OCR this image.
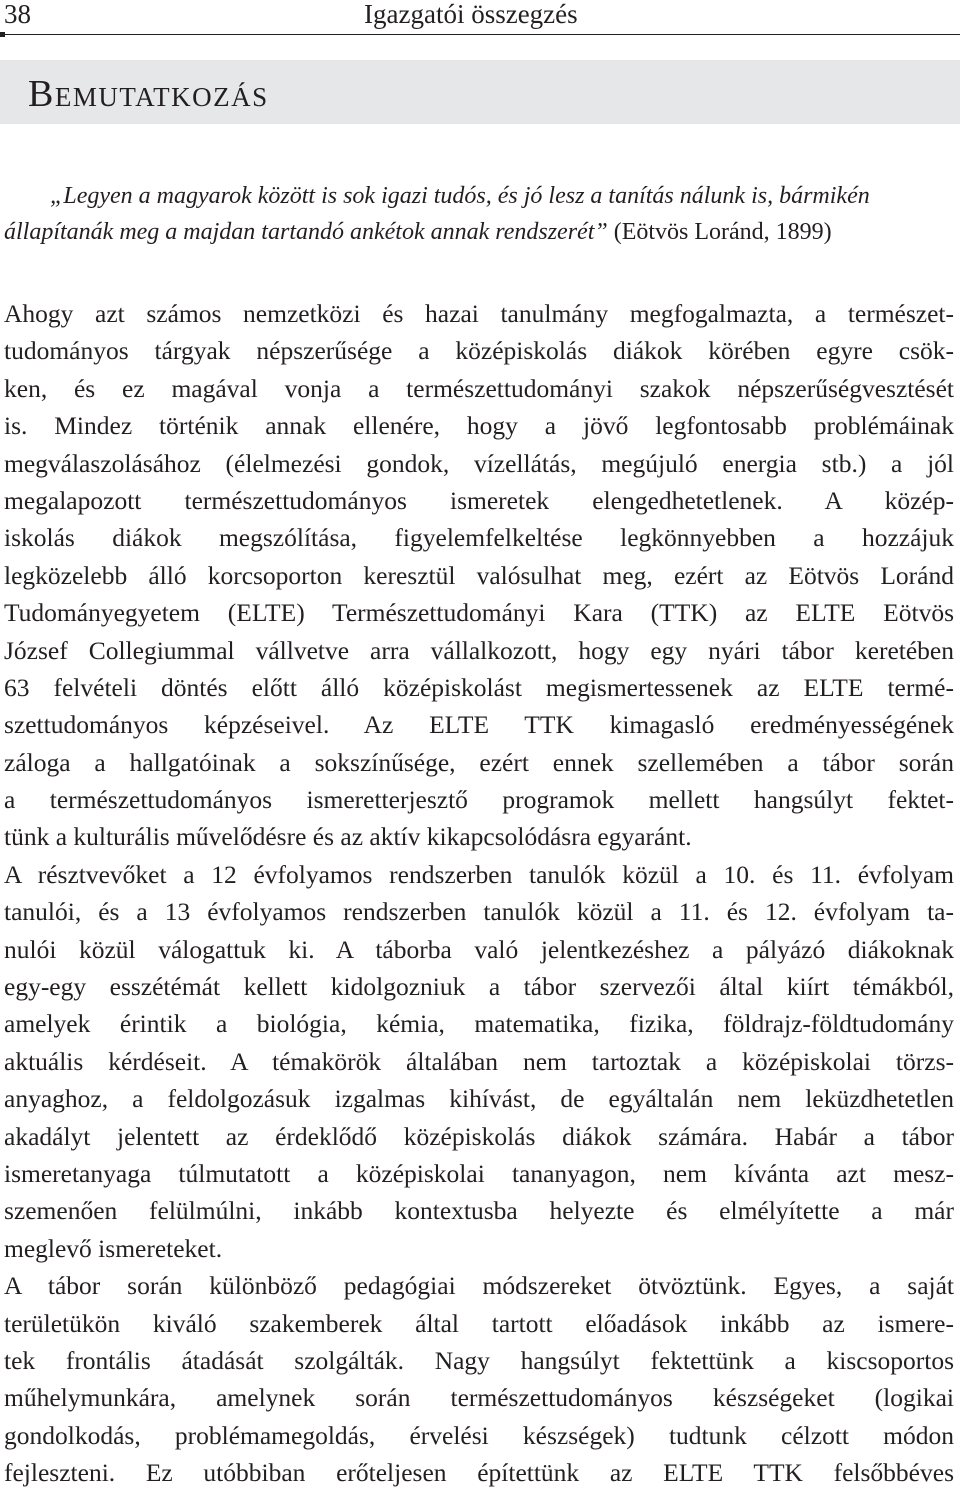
38	Igazgatói összegzés
Bemutatkozás
„Legyen a magyarok között is sok igazi tudós, és jó lesz a tanítás nálunk is, bármikén
állapítanák meg a majdan tartandó ankétok annak rendszerét” (Eötvös Loránd, 1899)
Ahogy azt számos nemzetközi és hazai tanulmány megfogalmazta, a természet-
tudományos tárgyak népszerűsége a középiskolás diákok körében egyre csök-
ken, és ez magával vonja a természettudományi szakok népszerűségvesztését
is. Mindez történik annak ellenére, hogy a jövő legfontosabb problémáinak
megválaszolásához (élelmezési gondok, vízellátás, megújuló energia stb.) a jól
megalapozott természettudományos ismeretek elengedhetetlenek. A közép-
iskolás diákok megszólítása, figyelemfelkeltése legkönnyebben a hozzájuk
legközelebb álló korcsoporton keresztül valósulhat meg, ezért az Eötvös Loránd
Tudományegyetem (ELTE) Természettudományi Kara (TTK) az ELTE Eötvös
József Collegiummal vállvetve arra vállalkozott, hogy egy nyári tábor keretében
63 felvételi döntés előtt álló középiskolást megismertessenek az ELTE termé-
szettudományos képzéseivel. Az ELTE TTK kimagasló eredményességének
záloga a hallgatóinak a sokszínűsége, ezért ennek szellemében a tábor során
a természettudományos ismeretterjesztő programok mellett hangsúlyt fektet-
tünk a kulturális művelődésre és az aktív kikapcsolódásra egyaránt.
A résztvevőket a 12 évfolyamos rendszerben tanulók közül a 10. és 11. évfolyam
tanulói, és a 13 évfolyamos rendszerben tanulók közül a 11. és 12. évfolyam ta-
nulói közül válogattuk ki. A táborba való jelentkezéshez a pályázó diákoknak
egy-egy esszétémát kellett kidolgozniuk a tábor szervezői által kiírt témákból,
amelyek érintik a biológia, kémia, matematika, fizika, földrajz-földtudomány
aktuális kérdéseit. A témakörök általában nem tartoztak a középiskolai törzs-
anyaghoz, a feldolgozásuk izgalmas kihívást, de egyáltalán nem leküzdhetetlen
akadályt jelentett az érdeklődő középiskolás diákok számára. Habár a tábor
ismeretanyaga túlmutatott a középiskolai tananyagon, nem kívánta azt mesz-
szemenően felülmúlni, inkább kontextusba helyezte és elmélyítette a már
meglevő ismereteket.
A tábor során különböző pedagógiai módszereket ötvöztünk. Egyes, a saját
területükön kiváló szakemberek által tartott előadások inkább az ismere-
tek frontális átadását szolgálták. Nagy hangsúlyt fektettünk a kiscsoportos
műhelymunkára, amelynek során természettudományos készségeket (logikai
gondolkodás, problémamegoldás, érvelési készségek) tudtunk célzott módon
fejleszteni. Ez utóbbiban erőteljesen építettünk az ELTE TTK felsőbbéves
